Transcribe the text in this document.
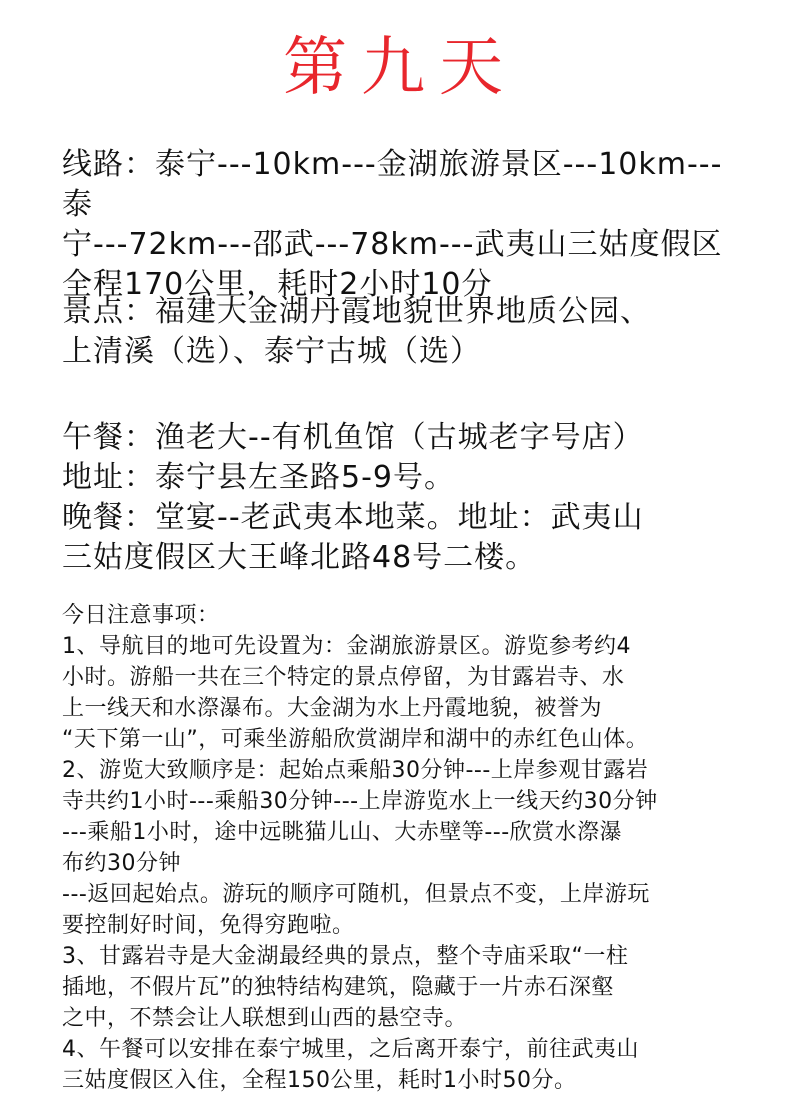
第九天

线路：泰宁---10km---金湖旅游景区---10km---泰

宁---72km---邵武---78km---武夷山三姑度假区

全程170公里，耗时2小时10分

景点：福建大金湖丹霞地貌世界地质公园、

上清溪（选）、泰宁古城（选）

午餐：渔老大--有机鱼馆（古城老字号店）

地址：泰宁县左圣路5-9号。

晚餐：堂宴--老武夷本地菜。地址：武夷山

三姑度假区大王峰北路48号二楼。

今日注意事项：

1、导航目的地可先设置为：金湖旅游景区。游览参考约4

小时。游船一共在三个特定的景点停留，为甘露岩寺、水

上一线天和水漈瀑布。大金湖为水上丹霞地貌，被誉为

“天下第一山”，可乘坐游船欣赏湖岸和湖中的赤红色山体。

2、游览大致顺序是：起始点乘船30分钟---上岸参观甘露岩

寺共约1小时---乘船30分钟---上岸游览水上一线天约30分钟

---乘船1小时，途中远眺猫儿山、大赤壁等---欣赏水漈瀑

布约30分钟

---返回起始点。游玩的顺序可随机，但景点不变，上岸游玩

要控制好时间，免得穷跑啦。

3、甘露岩寺是大金湖最经典的景点，整个寺庙采取“一柱

插地，不假片瓦”的独特结构建筑，隐藏于一片赤石深壑

之中，不禁会让人联想到山西的悬空寺。

4、午餐可以安排在泰宁城里，之后离开泰宁，前往武夷山

三姑度假区入住，全程150公里，耗时1小时50分。
